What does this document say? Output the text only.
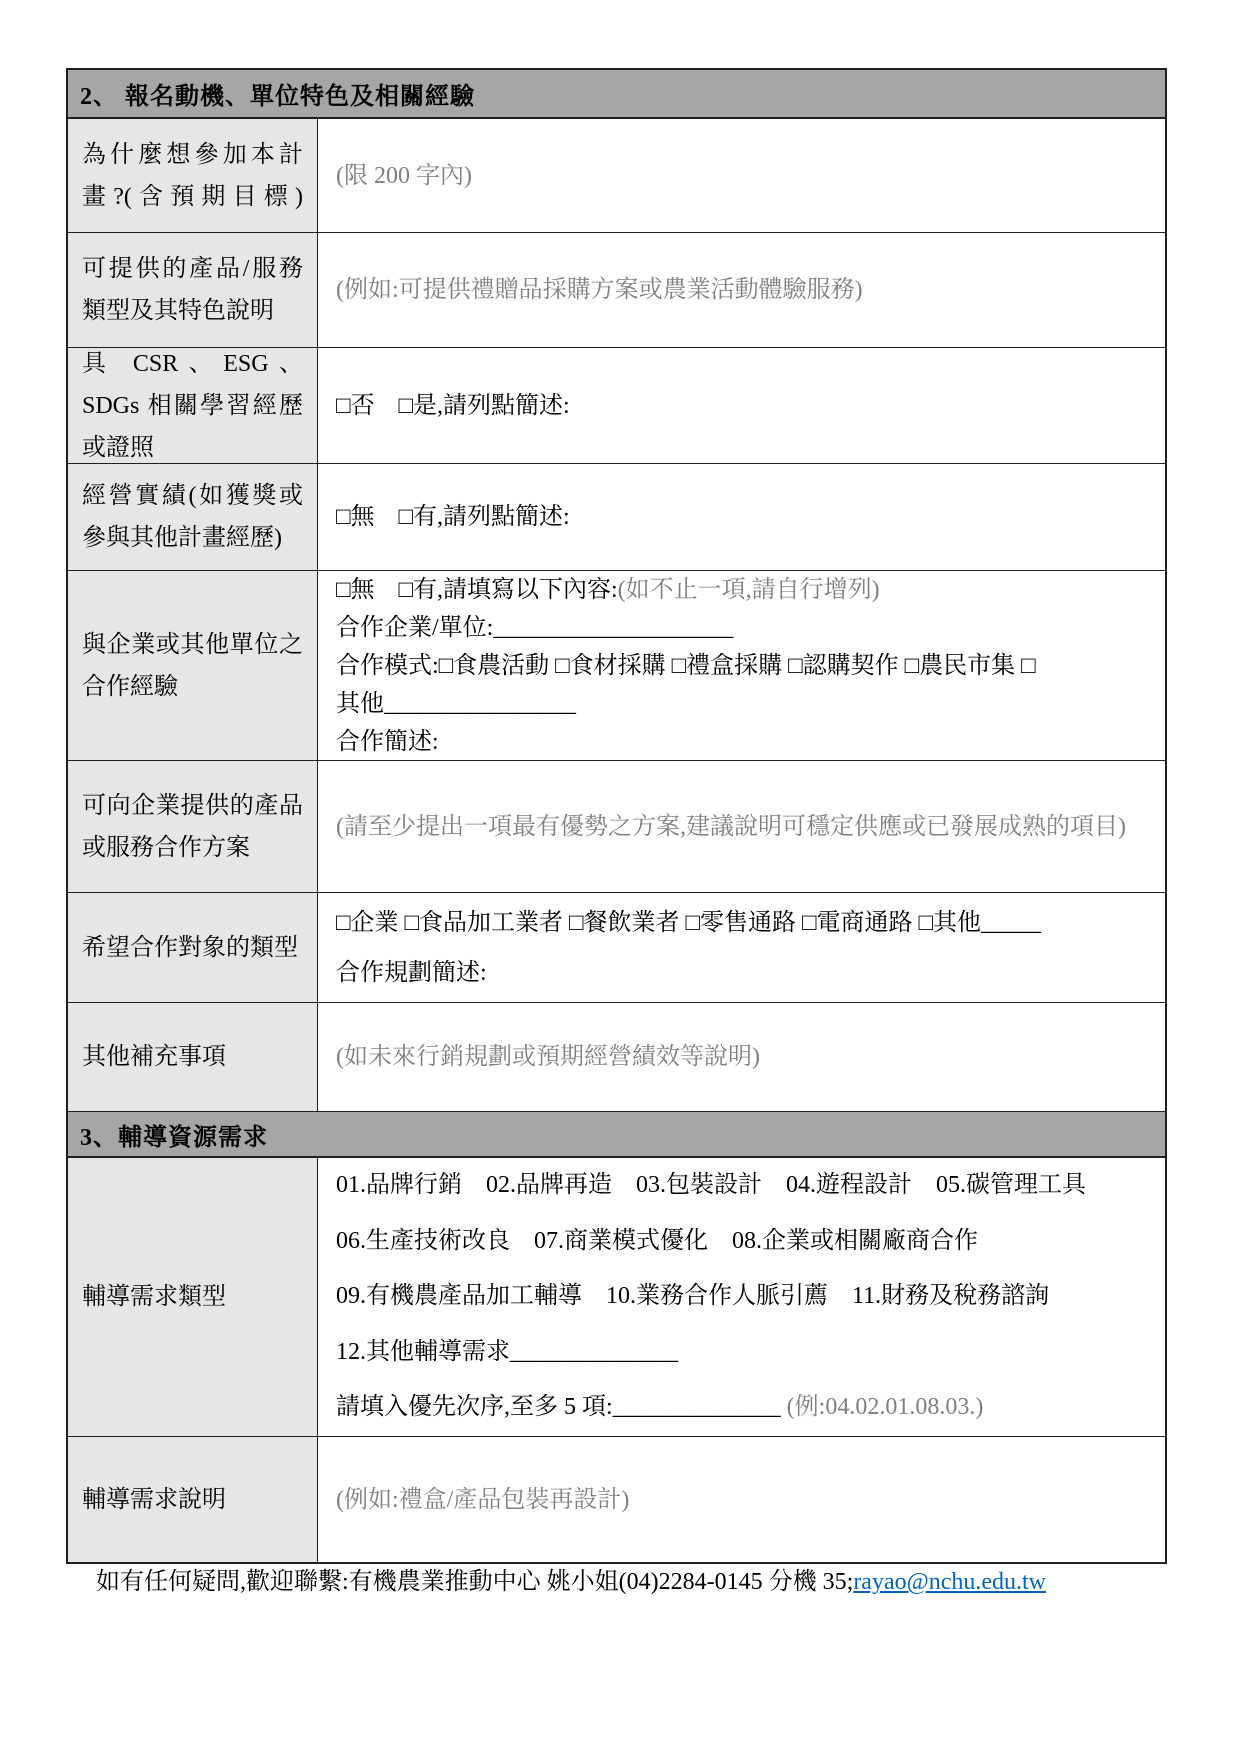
2、 報名動機、單位特色及相關經驗
為什麼想參加本計畫?(含預期目標)
(限 200 字內)
可提供的產品/服務類型及其特色說明
(例如:可提供禮贈品採購方案或農業活動體驗服務)
具 CSR、ESG、SDGs 相關學習經歷或證照
□否　□是,請列點簡述:
經營實績(如獲獎或參與其他計畫經歷)
□無　□有,請列點簡述:
與企業或其他單位之合作經驗
□無　□有,請填寫以下內容:(如不止一項,請自行增列)
合作企業/單位:____________________
合作模式:□食農活動 □食材採購 □禮盒採購 □認購契作 □農民市集 □
其他________________
合作簡述:
可向企業提供的產品或服務合作方案
(請至少提出一項最有優勢之方案,建議說明可穩定供應或已發展成熟的項目)
希望合作對象的類型
□企業 □食品加工業者 □餐飲業者 □零售通路 □電商通路 □其他_____
合作規劃簡述:
其他補充事項	(如未來行銷規劃或預期經營績效等說明)
3、輔導資源需求
輔導需求類型
01.品牌行銷　02.品牌再造　03.包裝設計　04.遊程設計　05.碳管理工具
06.生產技術改良　07.商業模式優化　08.企業或相關廠商合作
09.有機農產品加工輔導　10.業務合作人脈引薦　11.財務及稅務諮詢
12.其他輔導需求______________
請填入優先次序,至多 5 項:______________ (例:04.02.01.08.03.)
輔導需求說明	(例如:禮盒/產品包裝再設計)
如有任何疑問,歡迎聯繫:有機農業推動中心 姚小姐(04)2284-0145 分機 35;rayao@nchu.edu.tw
